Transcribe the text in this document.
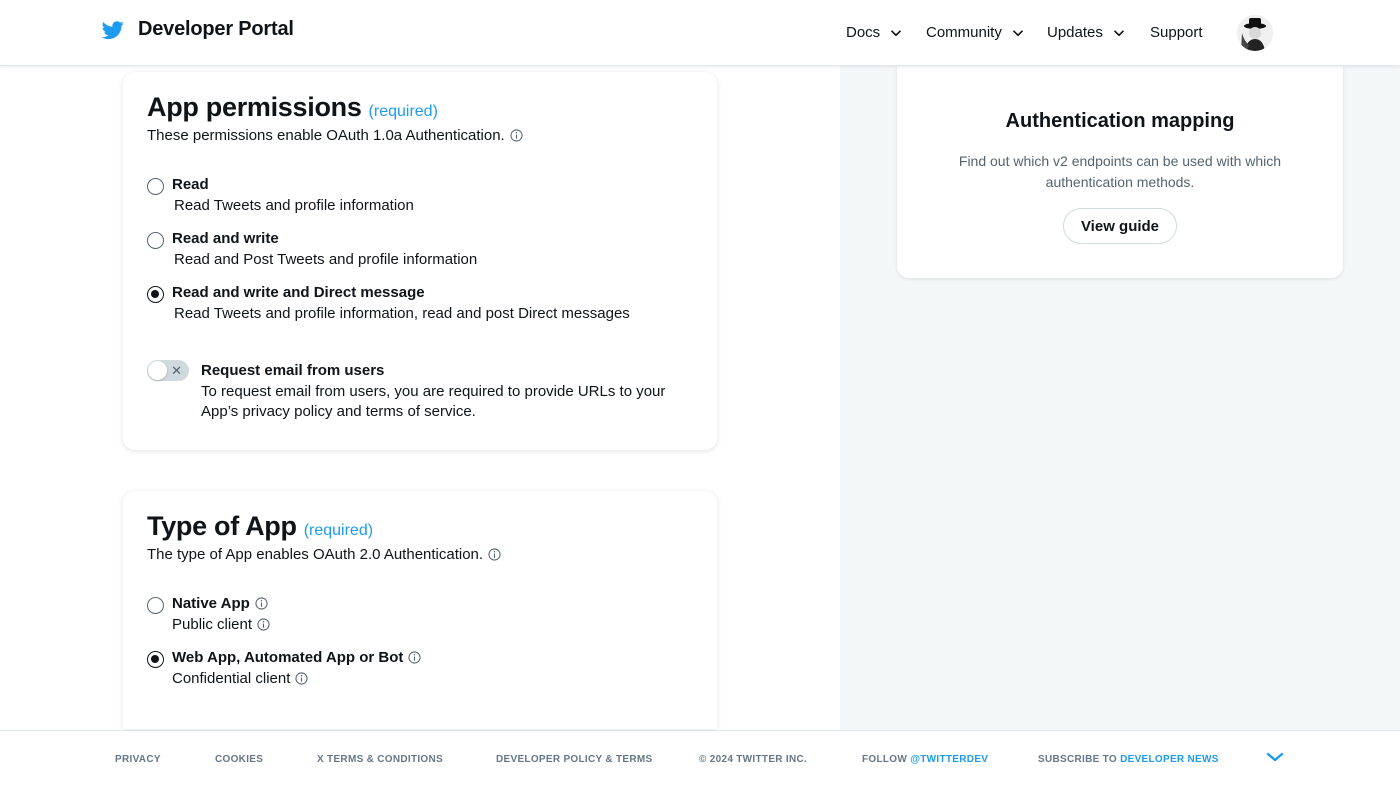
Developer Portal	Docs	Community	Updates	Support
App permissions (required)
These permissions enable OAuth 1.0a Authentication.
Read
Read Tweets and profile information
Read and write
Read and Post Tweets and profile information
Read and write and Direct message
Read Tweets and profile information, read and post Direct messages
✕ Request email from users
To request email from users, you are required to provide URLs to your App’s privacy policy and terms of service.
Type of App (required)
The type of App enables OAuth 2.0 Authentication.
Native App
Public client
Web App, Automated App or Bot
Confidential client
Authentication mapping
Find out which v2 endpoints can be used with which authentication methods.
View guide
PRIVACY	COOKIES	X TERMS & CONDITIONS	DEVELOPER POLICY & TERMS	© 2024 TWITTER INC.	FOLLOW @TWITTERDEV	SUBSCRIBE TO DEVELOPER NEWS
